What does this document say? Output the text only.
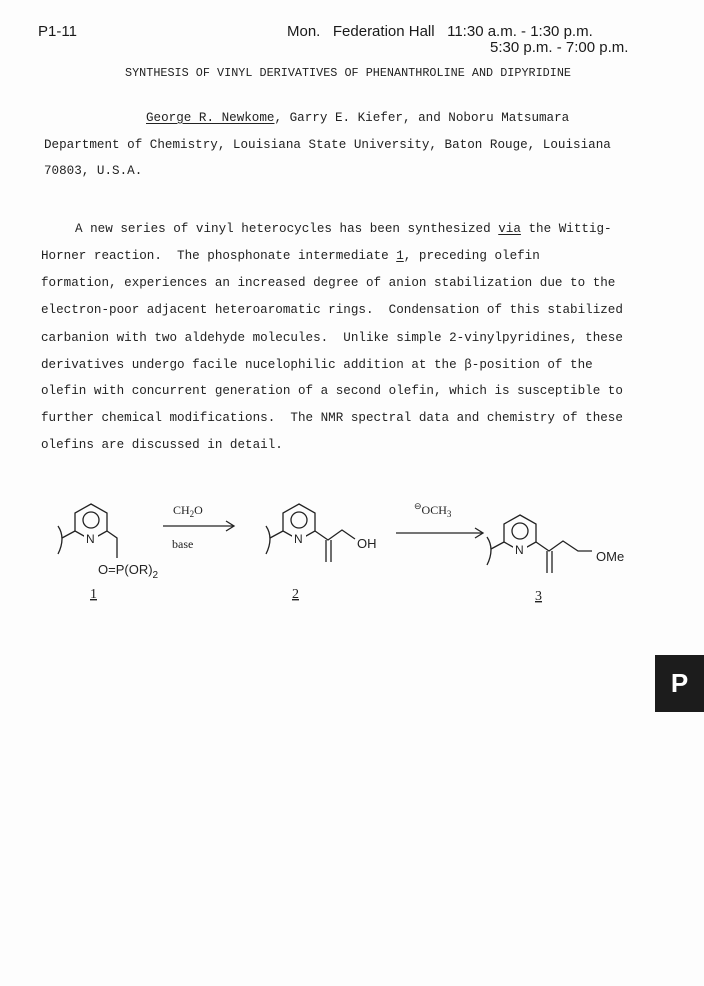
P1-11	Mon. Federation Hall 11:30 a.m. - 1:30 p.m.
5:30 p.m. - 7:00 p.m.
SYNTHESIS OF VINYL DERIVATIVES OF PHENANTHROLINE AND DIPYRIDINE
George R. Newkome, Garry E. Kiefer, and Noboru Matsumara
Department of Chemistry, Louisiana State University, Baton Rouge, Louisiana
70803, U.S.A.
A new series of vinyl heterocycles has been synthesized via the Wittig-
Horner reaction.  The phosphonate intermediate 1, preceding olefin
formation, experiences an increased degree of anion stabilization due to the
electron-poor adjacent heteroaromatic rings.  Condensation of this stabilized
carbanion with two aldehyde molecules.  Unlike simple 2-vinylpyridines, these
derivatives undergo facile nucelophilic addition at the β-position of the
olefin with concurrent generation of a second olefin, which is susceptible to
further chemical modifications.  The NMR spectral data and chemistry of these
olefins are discussed in detail.
N
$O=P(OR)_2$
1
$CH_2O$
base	N	OH
2
$^⊖OCH_3$
N	OMe
3
P
